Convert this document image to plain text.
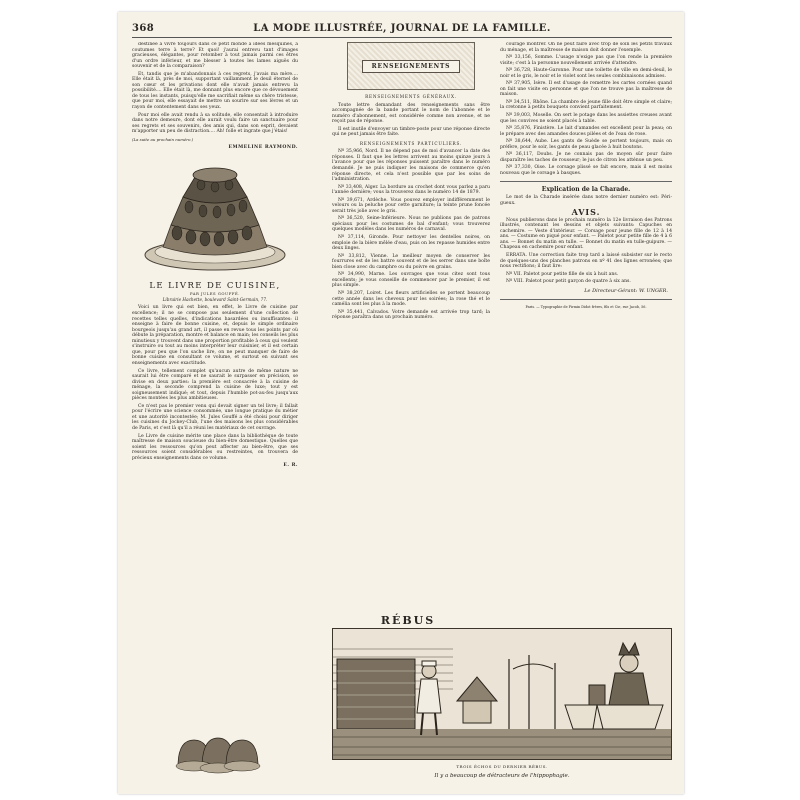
368	LA MODE ILLUSTRÉE, JOURNAL DE LA FAMILLE.

destinée à vivre toujours dans ce petit monde à idées mesquines, à coutumes terre à terre? Et quoi! j'aurai entrevu tant d'images gracieuses, élégantes, pour retomber à tout jamais parmi ces êtres d'un ordre inférieur, et me blesser à toutes les lames aiguës du souvenir et de la comparaison?

Et, tandis que je m'abandonnais à ces regrets, j'avais ma mère.... Elle était là, près de moi, supportant vaillamment le deuil éternel de son cœur et les privations dont elle n'avait jamais entrevu la possibilité.... Elle était là, me donnant plus encore que ce dévouement de tous les instants, puisqu'elle me sacrifiait même sa chère tristesse, que pour moi, elle essayait de mettre un sourire sur ses lèvres et un rayon de contentement dans ses yeux.

Pour moi elle avait rendu à sa solitude, elle consentait à introduire dans notre demeure, dont elle aurait voulu faire un sanctuaire pour ses regrets et ses souvenirs, des amis qui, dans son esprit, devaient m'apporter un peu de distraction.... Ah! folle et ingrate que j'étais!

(La suite au prochain numéro.)
EMMELINE RAYMOND.
LE LIVRE DE CUISINE,
PAR JULES GOUFFÉ.
Librairie Hachette, boulevard Saint-Germain, 77.

Voici un livre qui est bien, en effet, le Livre de cuisine par excellence; il ne se compose pas seulement d'une collection de recettes telles quelles, d'indications hasardées ou insuffisantes: il enseigne à faire de bonne cuisine, et, depuis le simple ordinaire bourgeois jusqu'au grand art, il passe en revue tous les points par où débute la préparation, montre et balance en main; les conseils les plus minutieux y trouvent dans une proportion profitable à ceux qui veulent s'instruire ou tout au moins interpréter leur cuisinier, et il est certain que, pour peu que l'on sache lire, on ne peut manquer de faire de bonne cuisine en consultant ce volume, et surtout en suivant ses enseignements avec exactitude.

Ce livre, tellement complet qu'aucun autre de même nature ne saurait lui être comparé et ne saurait le surpasser en précision, se divise en deux parties: la première est consacrée à la cuisine de ménage, la seconde comprend la cuisine de luxe; tout y est soigneusement indiqué; et tout, depuis l'humble pot-au-feu jusqu'aux pièces montées les plus ambitieuses.

Ce n'est pas le premier venu qui devait signer un tel livre; il fallait pour l'écrire une science consommée, une longue pratique du métier et une autorité incontestée; M. Jules Gouffé a été choisi pour diriger les cuisines du Jockey-Club, l'une des maisons les plus considérables de Paris, et c'est là qu'il a réuni les matériaux de cet ouvrage.

Le Livre de cuisine mérite une place dans la bibliothèque de toute maîtresse de maison soucieuse du bien-être domestique. Quelles que soient les ressources qu'on peut affecter au bien-être, que ses ressources soient considérables ou restreintes, on trouvera de précieux enseignements dans ce volume.

E. R.
RENSEIGNEMENTS
RENSEIGNEMENTS GÉNÉRAUX.

Toute lettre demandant des renseignements sans être accompagnée de la bande portant le nom de l'abonnée et le numéro d'abonnement, est considérée comme non avenue, et ne reçoit pas de réponse.

Il est inutile d'envoyer un timbre-poste pour une réponse directe qui ne peut jamais être faite.

RENSEIGNEMENTS PARTICULIERS.

Nº 35,966, Nord. Il ne dépend pas de moi d'avancer la date des réponses. Il faut que les lettres arrivent au moins quinze jours à l'avance pour que les réponses puissent paraître dans le numéro demandé. Je ne puis indiquer les maisons de commerce qu'en réponse directe, et cela n'est possible que par les soins de l'administration.

Nº 33,408, Alger. La bordure au crochet dont vous parlez a paru l'année dernière; vous la trouverez dans le numéro 14 de 1879.

Nº 39,671, Ardèche. Vous pouvez employer indifféremment le velours ou la peluche pour cette garniture; la teinte prune foncée serait très jolie avec le gris.

Nº 36,520, Seine-Inférieure. Nous ne publions pas de patrons spéciaux pour les costumes de bal d'enfant; vous trouverez quelques modèles dans les numéros de carnaval.

Nº 37,114, Gironde. Pour nettoyer les dentelles noires, on emploie de la bière mêlée d'eau, puis on les repasse humides entre deux linges.

Nº 33,812, Vienne. Le meilleur moyen de conserver les fourrures est de les battre souvent et de les serrer dans une boîte bien close avec du camphre ou du poivre en grains.

Nº 34,990, Marne. Les ouvrages que vous citez sont tous excellents; je vous conseille de commencer par le premier, il est plus simple.

Nº 38,207, Loiret. Les fleurs artificielles se portent beaucoup cette année dans les cheveux pour les soirées; la rose thé et le camélia sont les plus à la mode.

Nº 35,441, Calvados. Votre demande est arrivée trop tard; la réponse paraîtra dans un prochain numéro.

courage montrer. On ne peut faire avec trop de soin les petits travaux du ménage, et la maîtresse de maison doit donner l'exemple.

Nº 33,156, Somme. L'usage n'exige pas que l'on rende la première visite; c'est à la personne nouvellement arrivée d'attendre.

Nº 36,728, Haute-Garonne. Pour une toilette de ville en demi-deuil, le noir et le gris, le noir et le violet sont les seules combinaisons admises.

Nº 37,905, Isère. Il est d'usage de remettre les cartes cornées quand on fait une visite en personne et que l'on ne trouve pas la maîtresse de maison.

Nº 34,511, Rhône. La chambre de jeune fille doit être simple et claire; la cretonne à petits bouquets convient parfaitement.

Nº 39,003, Moselle. On sert le potage dans les assiettes creuses avant que les convives ne soient placés à table.

Nº 35,876, Finistère. Le lait d'amandes est excellent pour la peau; on le prépare avec des amandes douces pilées et de l'eau de rose.

Nº 38,644, Aube. Les gants de Suède se portent toujours, mais on préfère, pour le soir, les gants de peau glacée à huit boutons.

Nº 36,117, Doubs. Je ne connais pas de moyen sûr pour faire disparaître les taches de rousseur; le jus de citron les atténue un peu.

Nº 37,330, Oise. Le corsage plissé se fait encore, mais il est moins nouveau que le corsage à basques.

Explication de la Charade.

Le mot de la Charade insérée dans notre dernier numéro est: Péri-gueux.

AVIS.

Nous publierons dans le prochain numéro la 12e livraison des Patrons illustrés, contenant les dessins et objets suivants: Capuches en cachemire. — Veste d'intérieur. — Corsage pour jeune fille de 12 à 14 ans. — Costume en piqué pour enfant. — Paletot pour petite fille de 4 à 6 ans. — Bonnet du matin en tulle. — Bonnet du matin en tulle-guipure. — Chapeau en cachemire pour enfant.

ERRATA. Une correction faite trop tard a laissé subsister sur le recto de quelques-uns des planches patrons en nº 41 des lignes erronées; que nous rectifions; il faut lire:

Nº VII. Paletot pour petite fille de six à huit ans.

Nº VIII. Paletot pour petit garçon de quatre à six ans.

Le Directeur-Gérant: W. UNGER.
Paris. — Typographie de Firmin Didot frères, fils et Cie, rue Jacob, 56.
RÉBUS
TROIS ÉCHOS DU DERNIER RÉBUS.
Il y a beaucoup de détracteurs de l'hippophagie.
